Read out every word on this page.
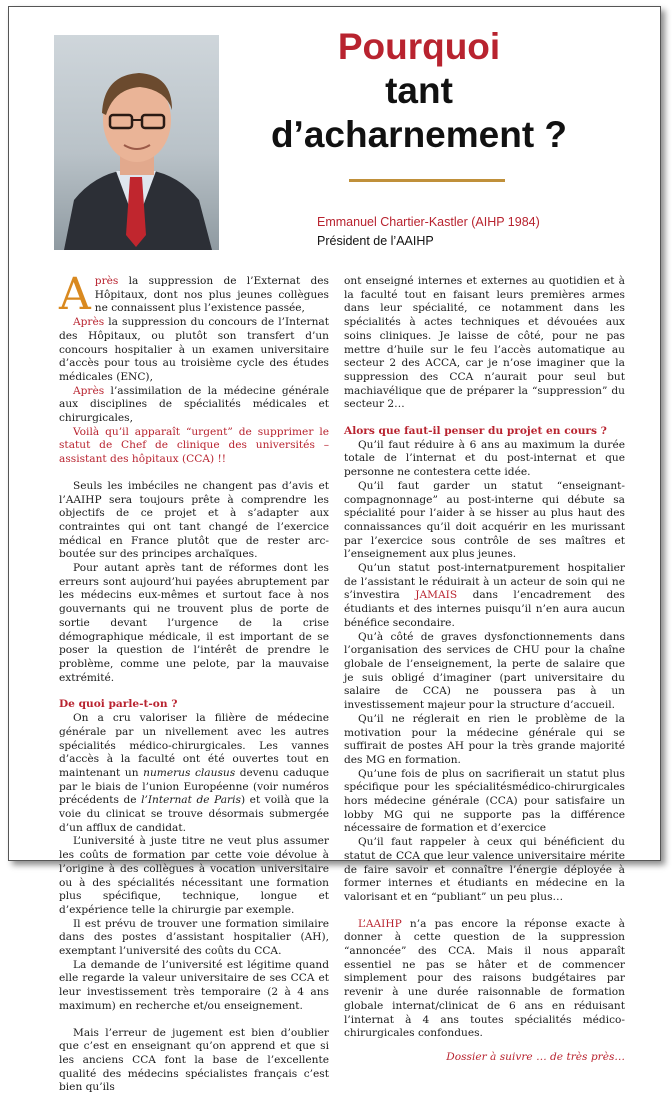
Pourquoi
tant
d’acharnement ?
Emmanuel Chartier-Kastler (AIHP 1984)
Président de l’AAIHP

Après la suppression de l’Externat des Hôpitaux, dont nos plus jeunes collègues ne connaissent plus l’existence passée,

Après la suppression du concours de l’Internat des Hôpitaux, ou plutôt son transfert d’un concours hospitalier à un examen universitaire d’accès pour tous au troisième cycle des études médicales (ENC),

Après l’assimilation de la médecine générale aux disciplines de spécialités médicales et chirurgicales,

Voilà qu’il apparaît “urgent” de supprimer le statut de Chef de clinique des universités – assistant des hôpitaux (CCA) !!

Seuls les imbéciles ne changent pas d’avis et l’AAIHP sera toujours prête à comprendre les objectifs de ce projet et à s’adapter aux contraintes qui ont tant changé de l’exercice médical en France plutôt que de rester arc-boutée sur des principes archaïques.

Pour autant après tant de réformes dont les erreurs sont aujourd’hui payées abruptement par les médecins eux-mêmes et surtout face à nos gouvernants qui ne trouvent plus de porte de sortie devant l’urgence de la crise démographique médicale, il est important de se poser la question de l’intérêt de prendre le problème, comme une pelote, par la mauvaise extrémité.

De quoi parle-t-on ?

On a cru valoriser la filière de médecine générale par un nivellement avec les autres spécialités médico-chirurgicales. Les vannes d’accès à la faculté ont été ouvertes tout en maintenant un numerus clausus devenu caduque par le biais de l’union Européenne (voir numéros précédents de l’Internat de Paris) et voilà que la voie du clinicat se trouve désormais submergée d’un afflux de candidat.

L’université à juste titre ne veut plus assumer les coûts de formation par cette voie dévolue à l’origine à des collègues à vocation universitaire ou à des spécialités nécessitant une formation plus spécifique, technique, longue et d’expérience telle la chirurgie par exemple.

Il est prévu de trouver une formation similaire dans des postes d’assistant hospitalier (AH), exemptant l’université des coûts du CCA.

La demande de l’université est légitime quand elle regarde la valeur universitaire de ses CCA et leur investissement très temporaire (2 à 4 ans maximum) en recherche et/ou enseignement.

Mais l’erreur de jugement est bien d’oublier que c’est en enseignant qu’on apprend et que si les anciens CCA font la base de l’excellente qualité des médecins spécialistes français c’est bien qu’ils

ont enseigné internes et externes au quotidien et à la faculté tout en faisant leurs premières armes dans leur spécialité, ce notamment dans les spécialités à actes techniques et dévouées aux soins cliniques. Je laisse de côté, pour ne pas mettre d’huile sur le feu l’accès automatique au secteur 2 des ACCA, car je n’ose imaginer que la suppression des CCA n’aurait pour seul but machiavélique que de préparer la “suppression” du secteur 2…

Alors que faut-il penser du projet en cours ?

Qu’il faut réduire à 6 ans au maximum la durée totale de l’internat et du post-internat et que personne ne contestera cette idée.

Qu’il faut garder un statut “enseignant-compagnonnage” au post-interne qui débute sa spécialité pour l’aider à se hisser au plus haut des connaissances qu’il doit acquérir en les murissant par l’exercice sous contrôle de ses maîtres et l’enseignement aux plus jeunes.

Qu’un statut post-internatpurement hospitalier de l’assistant le réduirait à un acteur de soin qui ne s’investira JAMAIS dans l’encadrement des étudiants et des internes puisqu’il n’en aura aucun bénéfice secondaire.

Qu’à côté de graves dysfonctionnements dans l’organisation des services de CHU pour la chaîne globale de l’enseignement, la perte de salaire que je suis obligé d’imaginer (part universitaire du salaire de CCA) ne poussera pas à un investissement majeur pour la structure d’accueil.

Qu’il ne réglerait en rien le problème de la motivation pour la médecine générale qui se suffirait de postes AH pour la très grande majorité des MG en formation.

Qu’une fois de plus on sacrifierait un statut plus spécifique pour les spécialitésmédico-chirurgicales hors médecine générale (CCA) pour satisfaire un lobby MG qui ne supporte pas la différence nécessaire de formation et d’exercice

Qu’il faut rappeler à ceux qui bénéficient du statut de CCA que leur valence universitaire mérite de faire savoir et connaître l’énergie déployée à former internes et étudiants en médecine en la valorisant et en “publiant” un peu plus…

L’AAIHP n’a pas encore la réponse exacte à donner à cette question de la suppression “annoncée” des CCA. Mais il nous apparaît essentiel ne pas se hâter et de commencer simplement pour des raisons budgétaires par revenir à une durée raisonnable de formation globale internat/clinicat de 6 ans en réduisant l’internat à 4 ans toutes spécialités médico-chirurgicales confondues.

Dossier à suivre … de très près…
